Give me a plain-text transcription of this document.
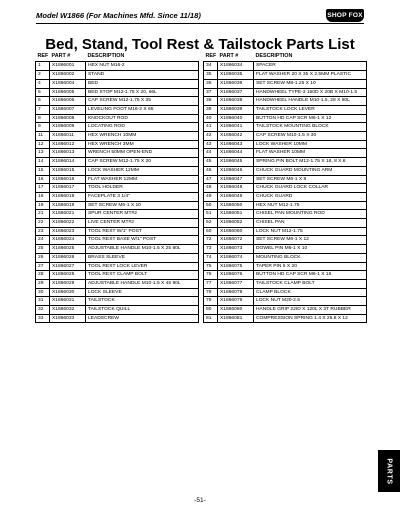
Model W1866 (For Machines Mfd. Since 11/18)	SHOP FOX
Bed, Stand, Tool Rest & Tailstock Parts List
REF	PART #	DESCRIPTION
1	X1866001	HEX NUT M16-2
2	X1866002	STAND
4	X1866004	BED
5	X1866005	BED STOP M12-1.75 X 20, 66L
6	X1866006	CAP SCREW M12-1.75 X 35
7	X1866007	LEVELING FOOT M16-2 X 65
8	X1866008	KNOCKOUT ROD
9	X1866009	LOCATING ROD
11	X1866011	HEX WRENCH 10MM
12	X1866012	HEX WRENCH 3MM
13	X1866013	WRENCH 50MM OPEN-END
14	X1866014	CAP SCREW M12-1.75 X 20
15	X1866015	LOCK WASHER 12MM
16	X1866016	FLAT WASHER 12MM
17	X1866017	TOOL HOLDER
18	X1866018	FACEPLATE 3 1/4"
19	X1866019	SET SCREW M6-1 X 10
21	X1866021	SPUR CENTER MT#2
22	X1866022	LIVE CENTER MT#2
23	X1866023	TOOL REST W/1" POST
24	X1866024	TOOL REST BASE W/1" POST
25	X1866025	ADJUSTABLE HANDLE M10-1.5 X 25 80L
26	X1866026	BRASS SLEEVE
27	X1866027	TOOL REST LOCK LEVER
28	X1866028	TOOL REST CLAMP BOLT
29	X1866029	ADJUSTABLE HANDLE M10-1.5 X 45 80L
30	X1866030	LOCK SLEEVE
31	X1866031	TAILSTOCK
32	X1866032	TAILSTOCK QUILL
33	X1866033	LEADSCREW
REF	PART #	DESCRIPTION
34	X1866034	SPACER
35	X1866035	FLAT WASHER 20 X 35 X 2.5MM PLASTIC
36	X1866036	SET SCREW M8-1.25 X 10
37	X1866037	HANDWHEEL TYPE-3 150D X 20B X M10-1.5
38	X1866038	HANDWHEEL HANDLE M10-1.5, 28 X 80L
39	X1866039	TAILSTOCK LOCK LEVER
40	X1866040	BUTTON HD CAP SCR M6-1 X 12
41	X1866041	TAILSTOCK MOUNTING BLOCK
42	X1866042	CAP SCREW M10-1.5 X 30
43	X1866043	LOCK WASHER 10MM
44	X1866044	FLAT WASHER 10MM
45	X1866045	SPRING PIN BOLT M12-1.75 X 18, 8 X 8
46	X1866046	CHUCK GUARD MOUNTING ARM
47	X1866047	SET SCREW M6-1 X 8
48	X1866048	CHUCK GUARD LOCK COLLAR
49	X1866049	CHUCK GUARD
50	X1866050	HEX NUT M12-1.75
51	X1866051	CHISEL PAN MOUNTING ROD
52	X1866052	CHISEL PAN
60	X1866060	LOCK NUT M12-1.75
72	X1866072	SET SCREW M6-1 X 12
73	X1866073	DOWEL PIN M6-1 X 10
74	X1866074	MOUNTING BLOCK
75	X1866075	TAPER PIN 6 X 20
76	X1866076	BUTTON HD CAP SCR M6-1 X 16
77	X1866077	TAILSTOCK CLAMP BOLT
78	X1866078	CLAMP BLOCK
79	X1866079	LOCK NUT M20-2.5
80	X1866080	HANDLE GRIP 22ID X 120L X 3T RUBBER
81	X1866081	COMPRESSION SPRING 1.4 X 25.8 X 12
PARTS
-51-
